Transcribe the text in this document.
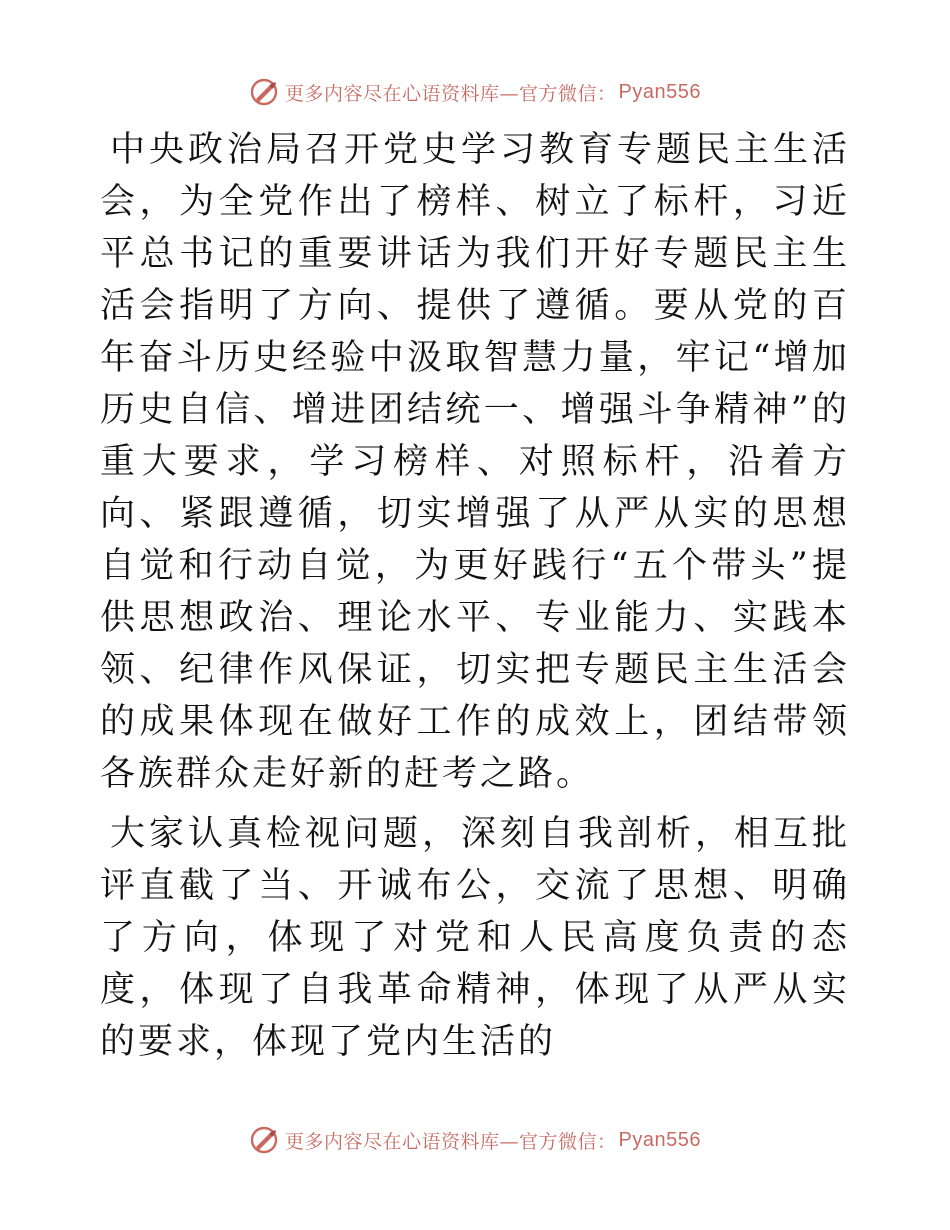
更多内容尽在心语资料库—官方微信： Pyan556

中央政治局召开党史学习教育专题民主生活会，为全党作出了榜样、树立了标杆，习近平总书记的重要讲话为我们开好专题民主生活会指明了方向、提供了遵循。要从党的百年奋斗历史经验中汲取智慧力量，牢记“增加历史自信、增进团结统一、增强斗争精神”的重大要求，学习榜样、对照标杆，沿着方向、紧跟遵循，切实增强了从严从实的思想自觉和行动自觉，为更好践行“五个带头”提供思想政治、理论水平、专业能力、实践本领、纪律作风保证，切实把专题民主生活会的成果体现在做好工作的成效上，团结带领各族群众走好新的赶考之路。

大家认真检视问题，深刻自我剖析，相互批评直截了当、开诚布公，交流了思想、明确了方向，体现了对党和人民高度负责的态度，体现了自我革命精神，体现了从严从实的要求，体现了党内生活的

更多内容尽在心语资料库—官方微信： Pyan556
